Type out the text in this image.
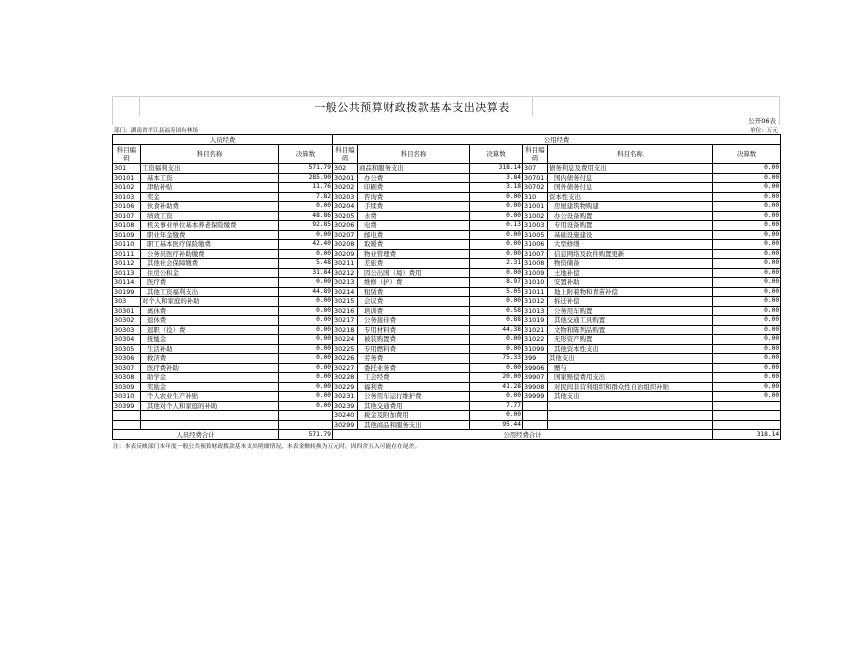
一般公共预算财政拨款基本支出决算表
公开06表
部门：湖南省平江县福寿国有林场	单位：万元
人员经费			公用经费					
科目编码	科目名称	决算数	科目编码	科目名称	决算数	科目编码	科目名称	决算数
301	工资福利支出	571.79	302	商品和服务支出	318.14	307	债务利息及费用支出	0.00
30101	基本工资	285.90	30201	办公费	3.84	30701	国内债务付息	0.00
30102	津贴补贴	11.76	30202	印刷费	3.18	30702	国外债务付息	0.00
30103	奖金	7.82	30203	咨询费	0.00	310	资本性支出	0.00
30106	伙食补助费	0.00	30204	手续费	0.00	31001	房屋建筑物购建	0.00
30107	绩效工资	48.86	30205	水费	0.00	31002	办公设备购置	0.00
30108	机关事业单位基本养老保险缴费	92.85	30206	电费	0.13	31003	专用设备购置	0.00
30109	职业年金缴费	0.00	30207	邮电费	0.00	31005	基础设施建设	0.00
30110	职工基本医疗保险缴费	42.40	30208	取暖费	0.00	31006	大型修缮	0.00
30111	公务员医疗补助缴费	0.00	30209	物业管理费	0.00	31007	信息网络及软件购置更新	0.00
30112	其他社会保障缴费	5.48	30211	差旅费	2.31	31008	物资储备	0.00
30113	住房公积金	31.84	30212	因公出国（境）费用	0.00	31009	土地补偿	0.00
30114	医疗费	0.00	30213	维修（护）费	8.97	31010	安置补助	0.00
30199	其他工资福利支出	44.89	30214	租赁费	5.05	31011	地上附着物和青苗补偿	0.00
303	对个人和家庭的补助	0.00	30215	会议费	0.00	31012	拆迁补偿	0.00
30301	离休费	0.00	30216	培训费	0.58	31013	公务用车购置	0.00
30302	退休费	0.00	30217	公务接待费	0.88	31019	其他交通工具购置	0.00
30303	退职（役）费	0.00	30218	专用材料费	44.38	31021	文物和陈列品购置	0.00
30304	抚恤金	0.00	30224	被装购置费	0.00	31022	无形资产购置	0.00
30305	生活补助	0.00	30225	专用燃料费	0.00	31099	其他资本性支出	0.00
30306	救济费	0.00	30226	劳务费	75.33	399	其他支出	0.00
30307	医疗费补助	0.00	30227	委托业务费	0.00	39906	赠与	0.00
30308	助学金	0.00	30228	工会经费	20.00	39907	国家赔偿费用支出	0.00
30309	奖励金	0.00	30229	福利费	41.28	39908	对民间非营利组织和群众性自治组织补贴	0.00
30310	个人农业生产补贴	0.00	30231	公务用车运行维护费	0.00	39999	其他支出	0.00
30399	其他对个人和家庭的补助	0.00	30239	其他交通费用	7.77			
			30240	税金及附加费用	0.00			
			30299	其他商品和服务支出	95.44			
人员经费合计		571.79	公用经费合计					318.14
注：本表反映部门本年度一般公共预算财政拨款基本支出明细情况。本表金额转换为万元时，因四舍五入可能存在尾差。
